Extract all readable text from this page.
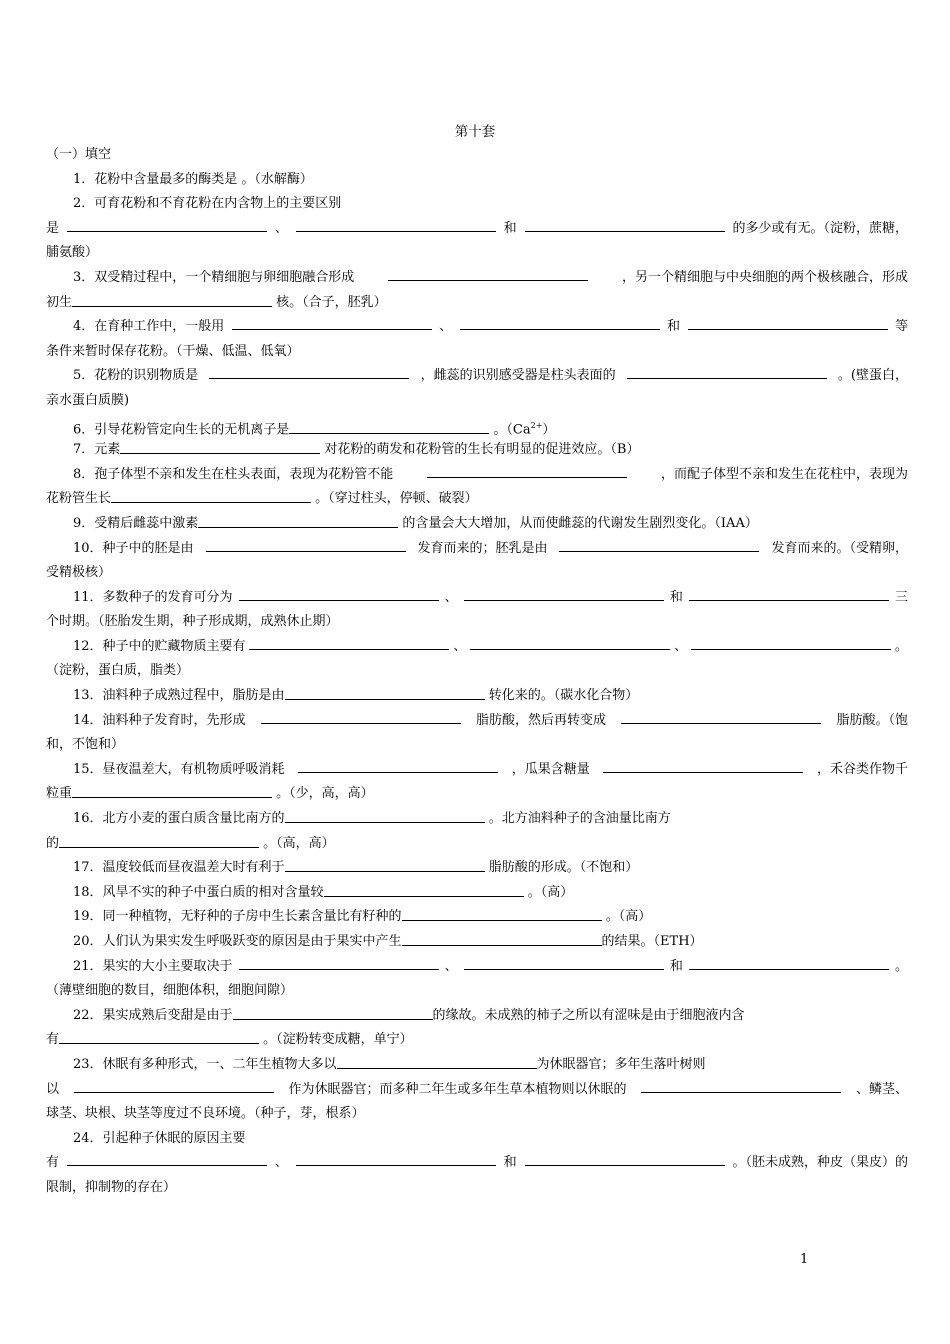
第十套
（一）填空
1．花粉中含量最多的酶类是 。（水解酶）
2．可育花粉和不育花粉在内含物上的主要区别
是	、	和	的多少或有无。（淀粉，蔗糖，
脯氨酸）
3．双受精过程中，一个精细胞与卵细胞融合形成	，另一个精细胞与中央细胞的两个极核融合，形成
初生	核。（合子，胚乳）
4．在育种工作中，一般用	、	和	等
条件来暂时保存花粉。（干燥、低温、低氧）
5．花粉的识别物质是	，雌蕊的识别感受器是柱头表面的	。(壁蛋白，
亲水蛋白质膜)
6．引导花粉管定向生长的无机离子是	。$(Ca^{2+})$
7．元素	对花粉的萌发和花粉管的生长有明显的促进效应。（B）
8．孢子体型不亲和发生在柱头表面，表现为花粉管不能	，而配子体型不亲和发生在花柱中，表现为
花粉管生长	。（穿过柱头，停顿、破裂）
9．受精后雌蕊中激素	的含量会大大增加，从而使雌蕊的代谢发生剧烈变化。（IAA）
10．种子中的胚是由	发育而来的；胚乳是由	发育而来的。（受精卵，
受精极核）
11．多数种子的发育可分为	、	和	三
个时期。（胚胎发生期，种子形成期，成熟休止期）
12．种子中的贮藏物质主要有	、	、	。
（淀粉，蛋白质，脂类）
13．油料种子成熟过程中，脂肪是由	转化来的。（碳水化合物）
14．油料种子发育时，先形成	脂肪酸，然后再转变成	脂肪酸。（饱
和，不饱和）
15．昼夜温差大，有机物质呼吸消耗	，瓜果含糖量	，禾谷类作物千
粒重	。（少，高，高）
16．北方小麦的蛋白质含量比南方的	。北方油料种子的含油量比南方
的	。（高，高）
17．温度较低而昼夜温差大时有利于	脂肪酸的形成。（不饱和）
18．风旱不实的种子中蛋白质的相对含量较	。（高）
19．同一种植物，无籽种的子房中生长素含量比有籽种的	。（高）
20．人们认为果实发生呼吸跃变的原因是由于果实中产生	的结果。（ETH）
21．果实的大小主要取决于	、	和	。
（薄壁细胞的数目，细胞体积，细胞间隙）
22．果实成熟后变甜是由于	的缘故。未成熟的柿子之所以有涩味是由于细胞液内含
有	。（淀粉转变成糖，单宁）
23．休眠有多种形式，一、二年生植物大多以	为休眠器官；多年生落叶树则
以	作为休眠器官；而多种二年生或多年生草本植物则以休眠的	、鳞茎、
球茎、块根、块茎等度过不良环境。（种子，芽，根系）
24．引起种子休眠的原因主要
有	、	和	。（胚未成熟，种皮（果皮）的
限制，抑制物的存在）
1
